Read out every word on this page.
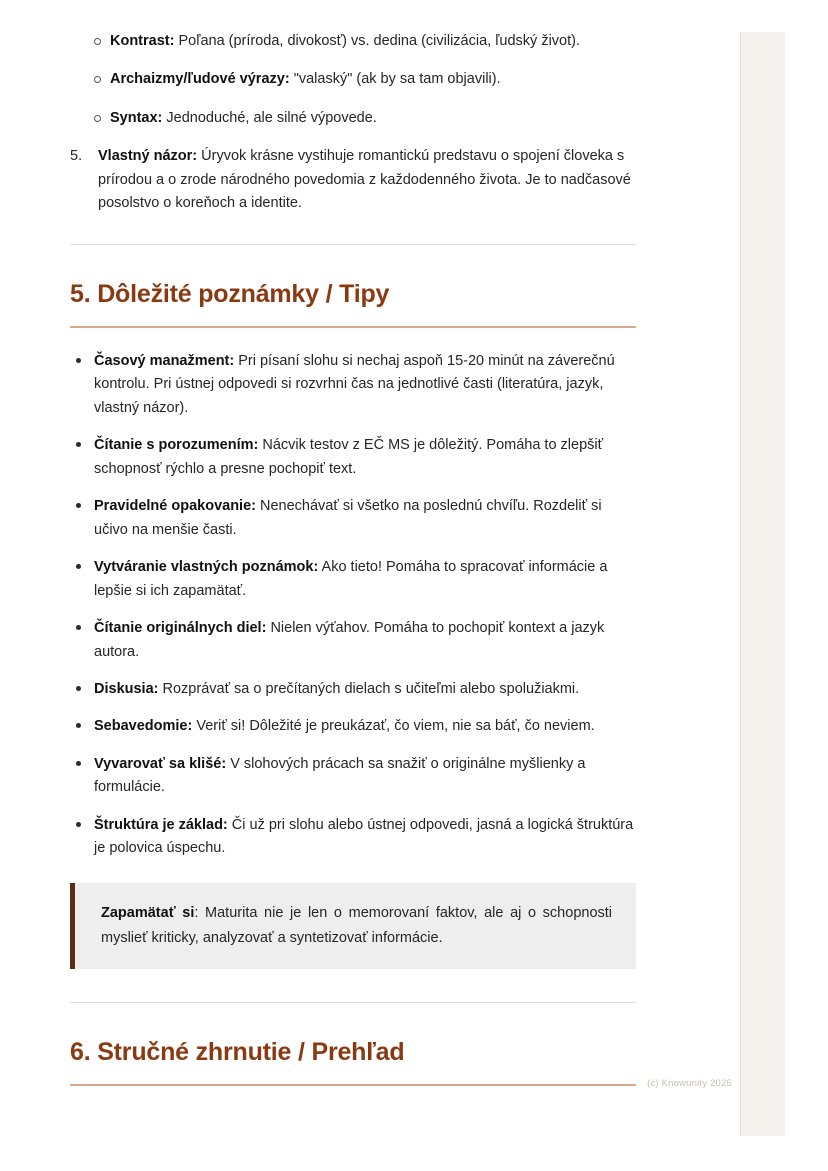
Kontrast: Poľana (príroda, divokosť) vs. dedina (civilizácia, ľudský život).
Archaizmy/ľudové výrazy: "valaský" (ak by sa tam objavili).
Syntax: Jednoduché, ale silné výpovede.
5. Vlastný názor: Úryvok krásne vystihuje romantickú predstavu o spojení človeka s prírodou a o zrode národného povedomia z každodenného života. Je to nadčasové posolstvo o koreňoch a identite.
5. Dôležité poznámky / Tipy
Časový manažment: Pri písaní slohu si nechaj aspoň 15-20 minút na záverečnú kontrolu. Pri ústnej odpovedi si rozvrhni čas na jednotlivé časti (literatúra, jazyk, vlastný názor).
Čítanie s porozumením: Nácvik testov z EČ MS je dôležitý. Pomáha to zlepšiť schopnosť rýchlo a presne pochopiť text.
Pravidelné opakovanie: Nenechávať si všetko na poslednú chvíľu. Rozdeliť si učivo na menšie časti.
Vytváranie vlastných poznámok: Ako tieto! Pomáha to spracovať informácie a lepšie si ich zapamätať.
Čítanie originálnych diel: Nielen výťahov. Pomáha to pochopiť kontext a jazyk autora.
Diskusia: Rozprávať sa o prečítaných dielach s učiteľmi alebo spolužiakmi.
Sebavedomie: Veriť si! Dôležité je preukázať, čo viem, nie sa báť, čo neviem.
Vyvarovať sa klišé: V slohových prácach sa snažiť o originálne myšlienky a formulácie.
Štruktúra je základ: Či už pri slohu alebo ústnej odpovedi, jasná a logická štruktúra je polovica úspechu.

Zapamätať si: Maturita nie je len o memorovaní faktov, ale aj o schopnosti myslieť kriticky, analyzovať a syntetizovať informácie.

6. Stručné zhrnutie / Prehľad
(c) Knowunity 2025
